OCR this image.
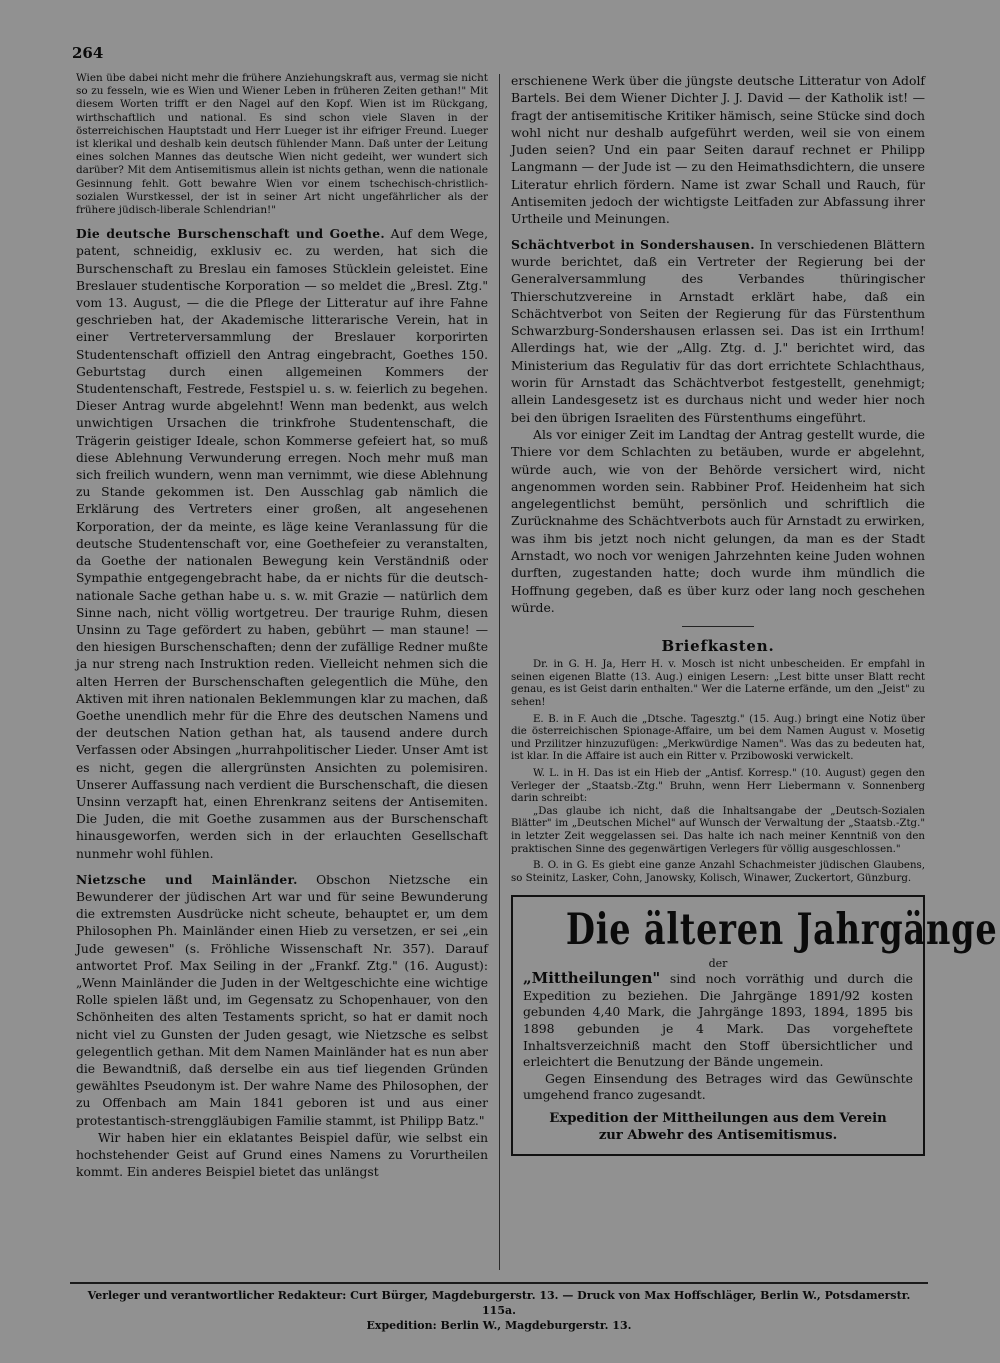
264

Wien übe dabei nicht mehr die frühere Anziehungskraft aus, vermag sie nicht so zu fesseln, wie es Wien und Wiener Leben in früheren Zeiten gethan!" Mit diesem Worten trifft er den Nagel auf den Kopf. Wien ist im Rückgang, wirthschaftlich und national. Es sind schon viele Slaven in der österreichischen Hauptstadt und Herr Lueger ist ihr eifriger Freund. Lueger ist klerikal und deshalb kein deutsch fühlender Mann. Daß unter der Leitung eines solchen Mannes das deutsche Wien nicht gedeiht, wer wundert sich darüber? Mit dem Antisemitismus allein ist nichts gethan, wenn die nationale Gesinnung fehlt. Gott bewahre Wien vor einem tschechisch-christlich-sozialen Wurstkessel, der ist in seiner Art nicht ungefährlicher als der frühere jüdisch-liberale Schlendrian!"

Die deutsche Burschenschaft und Goethe. Auf dem Wege, patent, schneidig, exklusiv ec. zu werden, hat sich die Burschenschaft zu Breslau ein famoses Stücklein geleistet. Eine Breslauer studentische Korporation — so meldet die „Bresl. Ztg." vom 13. August, — die die Pflege der Litteratur auf ihre Fahne geschrieben hat, der Akademische litterarische Verein, hat in einer Vertreterversammlung der Breslauer korporirten Studentenschaft offiziell den Antrag eingebracht, Goethes 150. Geburtstag durch einen allgemeinen Kommers der Studentenschaft, Festrede, Festspiel u. s. w. feierlich zu begehen. Dieser Antrag wurde abgelehnt! Wenn man bedenkt, aus welch unwichtigen Ursachen die trinkfrohe Studentenschaft, die Trägerin geistiger Ideale, schon Kommerse gefeiert hat, so muß diese Ablehnung Verwunderung erregen. Noch mehr muß man sich freilich wundern, wenn man vernimmt, wie diese Ablehnung zu Stande gekommen ist. Den Ausschlag gab nämlich die Erklärung des Vertreters einer großen, alt angesehenen Korporation, der da meinte, es läge keine Veranlassung für die deutsche Studentenschaft vor, eine Goethefeier zu veranstalten, da Goethe der nationalen Bewegung kein Verständniß oder Sympathie entgegengebracht habe, da er nichts für die deutsch-nationale Sache gethan habe u. s. w. mit Grazie — natürlich dem Sinne nach, nicht völlig wortgetreu. Der traurige Ruhm, diesen Unsinn zu Tage gefördert zu haben, gebührt — man staune! — den hiesigen Burschenschaften; denn der zufällige Redner mußte ja nur streng nach Instruktion reden. Vielleicht nehmen sich die alten Herren der Burschenschaften gelegentlich die Mühe, den Aktiven mit ihren nationalen Beklemmungen klar zu machen, daß Goethe unendlich mehr für die Ehre des deutschen Namens und der deutschen Nation gethan hat, als tausend andere durch Verfassen oder Absingen „hurrahpolitischer Lieder. Unser Amt ist es nicht, gegen die allergrünsten Ansichten zu polemisiren. Unserer Auffassung nach verdient die Burschenschaft, die diesen Unsinn verzapft hat, einen Ehrenkranz seitens der Antisemiten. Die Juden, die mit Goethe zusammen aus der Burschenschaft hinausgeworfen, werden sich in der erlauchten Gesellschaft nunmehr wohl fühlen.

Nietzsche und Mainländer. Obschon Nietzsche ein Bewunderer der jüdischen Art war und für seine Bewunderung die extremsten Ausdrücke nicht scheute, behauptet er, um dem Philosophen Ph. Mainländer einen Hieb zu versetzen, er sei „ein Jude gewesen" (s. Fröhliche Wissenschaft Nr. 357). Darauf antwortet Prof. Max Seiling in der „Frankf. Ztg." (16. August): „Wenn Mainländer die Juden in der Weltgeschichte eine wichtige Rolle spielen läßt und, im Gegensatz zu Schopenhauer, von den Schönheiten des alten Testaments spricht, so hat er damit noch nicht viel zu Gunsten der Juden gesagt, wie Nietzsche es selbst gelegentlich gethan. Mit dem Namen Mainländer hat es nun aber die Bewandtniß, daß derselbe ein aus tief liegenden Gründen gewähltes Pseudonym ist. Der wahre Name des Philosophen, der zu Offenbach am Main 1841 geboren ist und aus einer protestantisch-strenggläubigen Familie stammt, ist Philipp Batz."

Wir haben hier ein eklatantes Beispiel dafür, wie selbst ein hochstehender Geist auf Grund eines Namens zu Vorurtheilen kommt. Ein anderes Beispiel bietet das unlängst

erschienene Werk über die jüngste deutsche Litteratur von Adolf Bartels. Bei dem Wiener Dichter J. J. David — der Katholik ist! — fragt der antisemitische Kritiker hämisch, seine Stücke sind doch wohl nicht nur deshalb aufgeführt werden, weil sie von einem Juden seien? Und ein paar Seiten darauf rechnet er Philipp Langmann — der Jude ist — zu den Heimathsdichtern, die unsere Literatur ehrlich fördern. Name ist zwar Schall und Rauch, für Antisemiten jedoch der wichtigste Leitfaden zur Abfassung ihrer Urtheile und Meinungen.

Schächtverbot in Sondershausen. In verschiedenen Blättern wurde berichtet, daß ein Vertreter der Regierung bei der Generalversammlung des Verbandes thüringischer Thierschutzvereine in Arnstadt erklärt habe, daß ein Schächtverbot von Seiten der Regierung für das Fürstenthum Schwarzburg-Sondershausen erlassen sei. Das ist ein Irrthum! Allerdings hat, wie der „Allg. Ztg. d. J." berichtet wird, das Ministerium das Regulativ für das dort errichtete Schlachthaus, worin für Arnstadt das Schächtverbot festgestellt, genehmigt; allein Landesgesetz ist es durchaus nicht und weder hier noch bei den übrigen Israeliten des Fürstenthums eingeführt.

Als vor einiger Zeit im Landtag der Antrag gestellt wurde, die Thiere vor dem Schlachten zu betäuben, wurde er abgelehnt, würde auch, wie von der Behörde versichert wird, nicht angenommen worden sein. Rabbiner Prof. Heidenheim hat sich angelegentlichst bemüht, persönlich und schriftlich die Zurücknahme des Schächtverbots auch für Arnstadt zu erwirken, was ihm bis jetzt noch nicht gelungen, da man es der Stadt Arnstadt, wo noch vor wenigen Jahrzehnten keine Juden wohnen durften, zugestanden hatte; doch wurde ihm mündlich die Hoffnung gegeben, daß es über kurz oder lang noch geschehen würde.

Briefkasten.

Dr. in G. H. Ja, Herr H. v. Mosch ist nicht unbescheiden. Er empfahl in seinen eigenen Blatte (13. Aug.) einigen Lesern: „Lest bitte unser Blatt recht genau, es ist Geist darin enthalten." Wer die Laterne erfände, um den „Jeist" zu sehen!

E. B. in F. Auch die „Dtsche. Tagesztg." (15. Aug.) bringt eine Notiz über die österreichischen Spionage-Affaire, um bei dem Namen August v. Mosetig und Przilitzer hinzuzufügen: „Merkwürdige Namen". Was das zu bedeuten hat, ist klar. In die Affaire ist auch ein Ritter v. Przibowoski verwickelt.

W. L. in H. Das ist ein Hieb der „Antisf. Korresp." (10. August) gegen den Verleger der „Staatsb.-Ztg." Bruhn, wenn Herr Liebermann v. Sonnenberg darin schreibt:

„Das glaube ich nicht, daß die Inhaltsangabe der „Deutsch-Sozialen Blätter" im „Deutschen Michel" auf Wunsch der Verwaltung der „Staatsb.-Ztg." in letzter Zeit weggelassen sei. Das halte ich nach meiner Kenntniß von den praktischen Sinne des gegenwärtigen Verlegers für völlig ausgeschlossen."

B. O. in G. Es giebt eine ganze Anzahl Schachmeister jüdischen Glaubens, so Steinitz, Lasker, Cohn, Janowsky, Kolisch, Winawer, Zuckertort, Günzburg.

Die älteren Jahrgänge
der

„Mittheilungen" sind noch vorräthig und durch die Expedition zu beziehen. Die Jahrgänge 1891/92 kosten gebunden 4,40 Mark, die Jahrgänge 1893, 1894, 1895 bis 1898 gebunden je 4 Mark. Das vorgeheftete Inhaltsverzeichniß macht den Stoff übersichtlicher und erleichtert die Benutzung der Bände ungemein.

Gegen Einsendung des Betrages wird das Gewünschte umgehend franco zugesandt.

Expedition der Mittheilungen aus dem Verein
zur Abwehr des Antisemitismus.
Verleger und verantwortlicher Redakteur: Curt Bürger, Magdeburgerstr. 13. — Druck von Max Hoffschläger, Berlin W., Potsdamerstr. 115a.
Expedition: Berlin W., Magdeburgerstr. 13.
